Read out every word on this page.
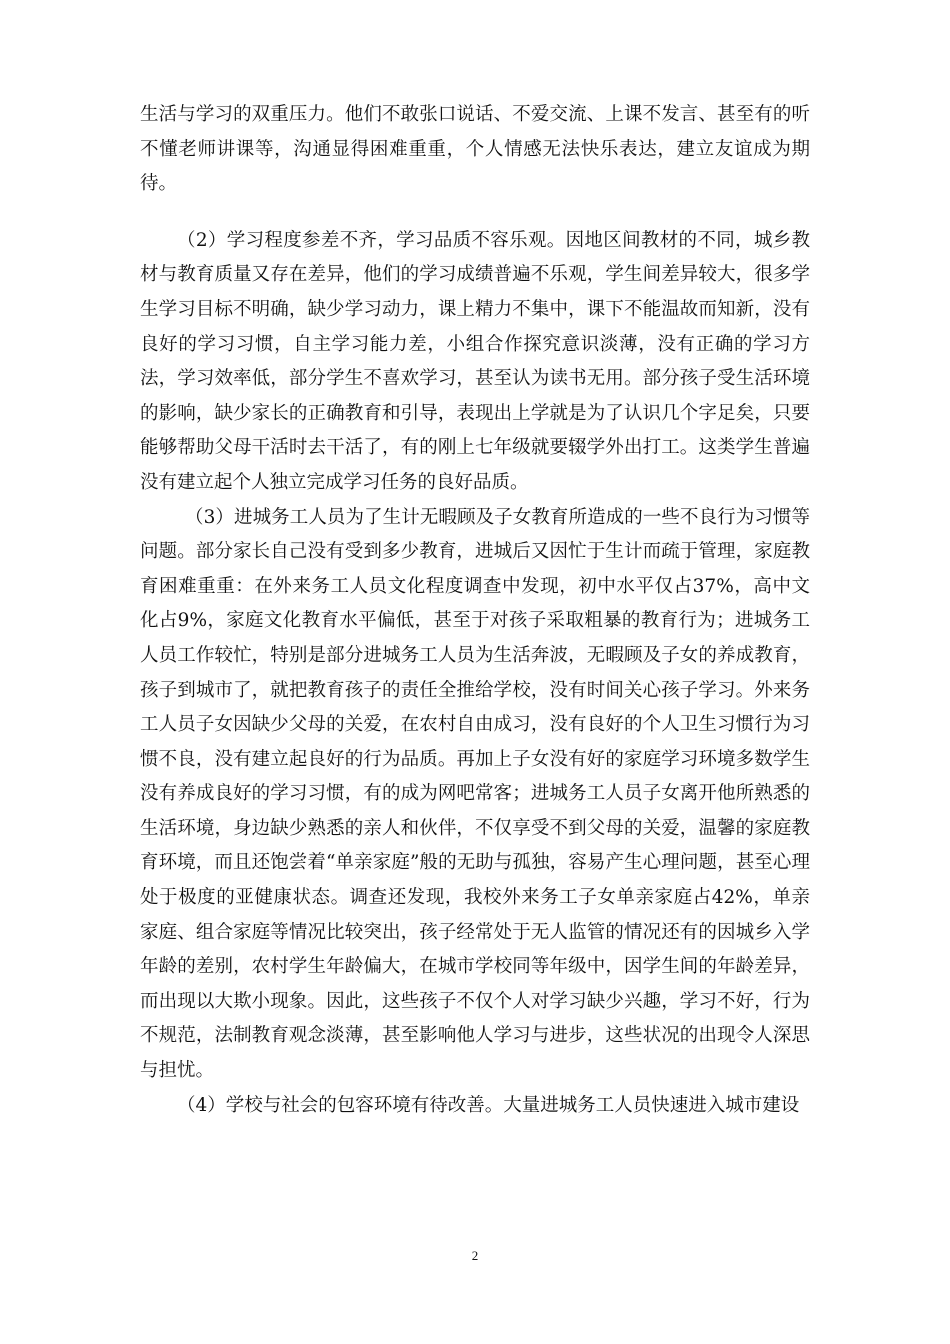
生活与学习的双重压力。他们不敢张口说话、不爱交流、上课不发言、甚至有的听不懂老师讲课等，沟通显得困难重重，个人情感无法快乐表达，建立友谊成为期待。

（2）学习程度参差不齐，学习品质不容乐观。因地区间教材的不同，城乡教材与教育质量又存在差异，他们的学习成绩普遍不乐观，学生间差异较大，很多学生学习目标不明确，缺少学习动力，课上精力不集中，课下不能温故而知新，没有良好的学习习惯，自主学习能力差，小组合作探究意识淡薄，没有正确的学习方法，学习效率低，部分学生不喜欢学习，甚至认为读书无用。部分孩子受生活环境的影响，缺少家长的正确教育和引导，表现出上学就是为了认识几个字足矣，只要能够帮助父母干活时去干活了，有的刚上七年级就要辍学外出打工。这类学生普遍没有建立起个人独立完成学习任务的良好品质。

（3）进城务工人员为了生计无暇顾及子女教育所造成的一些不良行为习惯等问题。部分家长自己没有受到多少教育，进城后又因忙于生计而疏于管理，家庭教育困难重重：在外来务工人员文化程度调查中发现，初中水平仅占37%，高中文化占9%，家庭文化教育水平偏低，甚至于对孩子采取粗暴的教育行为；进城务工人员工作较忙，特别是部分进城务工人员为生活奔波，无暇顾及子女的养成教育，孩子到城市了，就把教育孩子的责任全推给学校，没有时间关心孩子学习。外来务工人员子女因缺少父母的关爱，在农村自由成习，没有良好的个人卫生习惯行为习惯不良，没有建立起良好的行为品质。再加上子女没有好的家庭学习环境多数学生没有养成良好的学习习惯，有的成为网吧常客；进城务工人员子女离开他所熟悉的生活环境，身边缺少熟悉的亲人和伙伴，不仅享受不到父母的关爱，温馨的家庭教育环境，而且还饱尝着“单亲家庭”般的无助与孤独，容易产生心理问题，甚至心理处于极度的亚健康状态。调查还发现，我校外来务工子女单亲家庭占42%，单亲家庭、组合家庭等情况比较突出，孩子经常处于无人监管的情况还有的因城乡入学年龄的差别，农村学生年龄偏大，在城市学校同等年级中，因学生间的年龄差异，而出现以大欺小现象。因此，这些孩子不仅个人对学习缺少兴趣，学习不好，行为不规范，法制教育观念淡薄，甚至影响他人学习与进步，这些状况的出现令人深思与担忧。

（4）学校与社会的包容环境有待改善。大量进城务工人员快速进入城市建设

2
